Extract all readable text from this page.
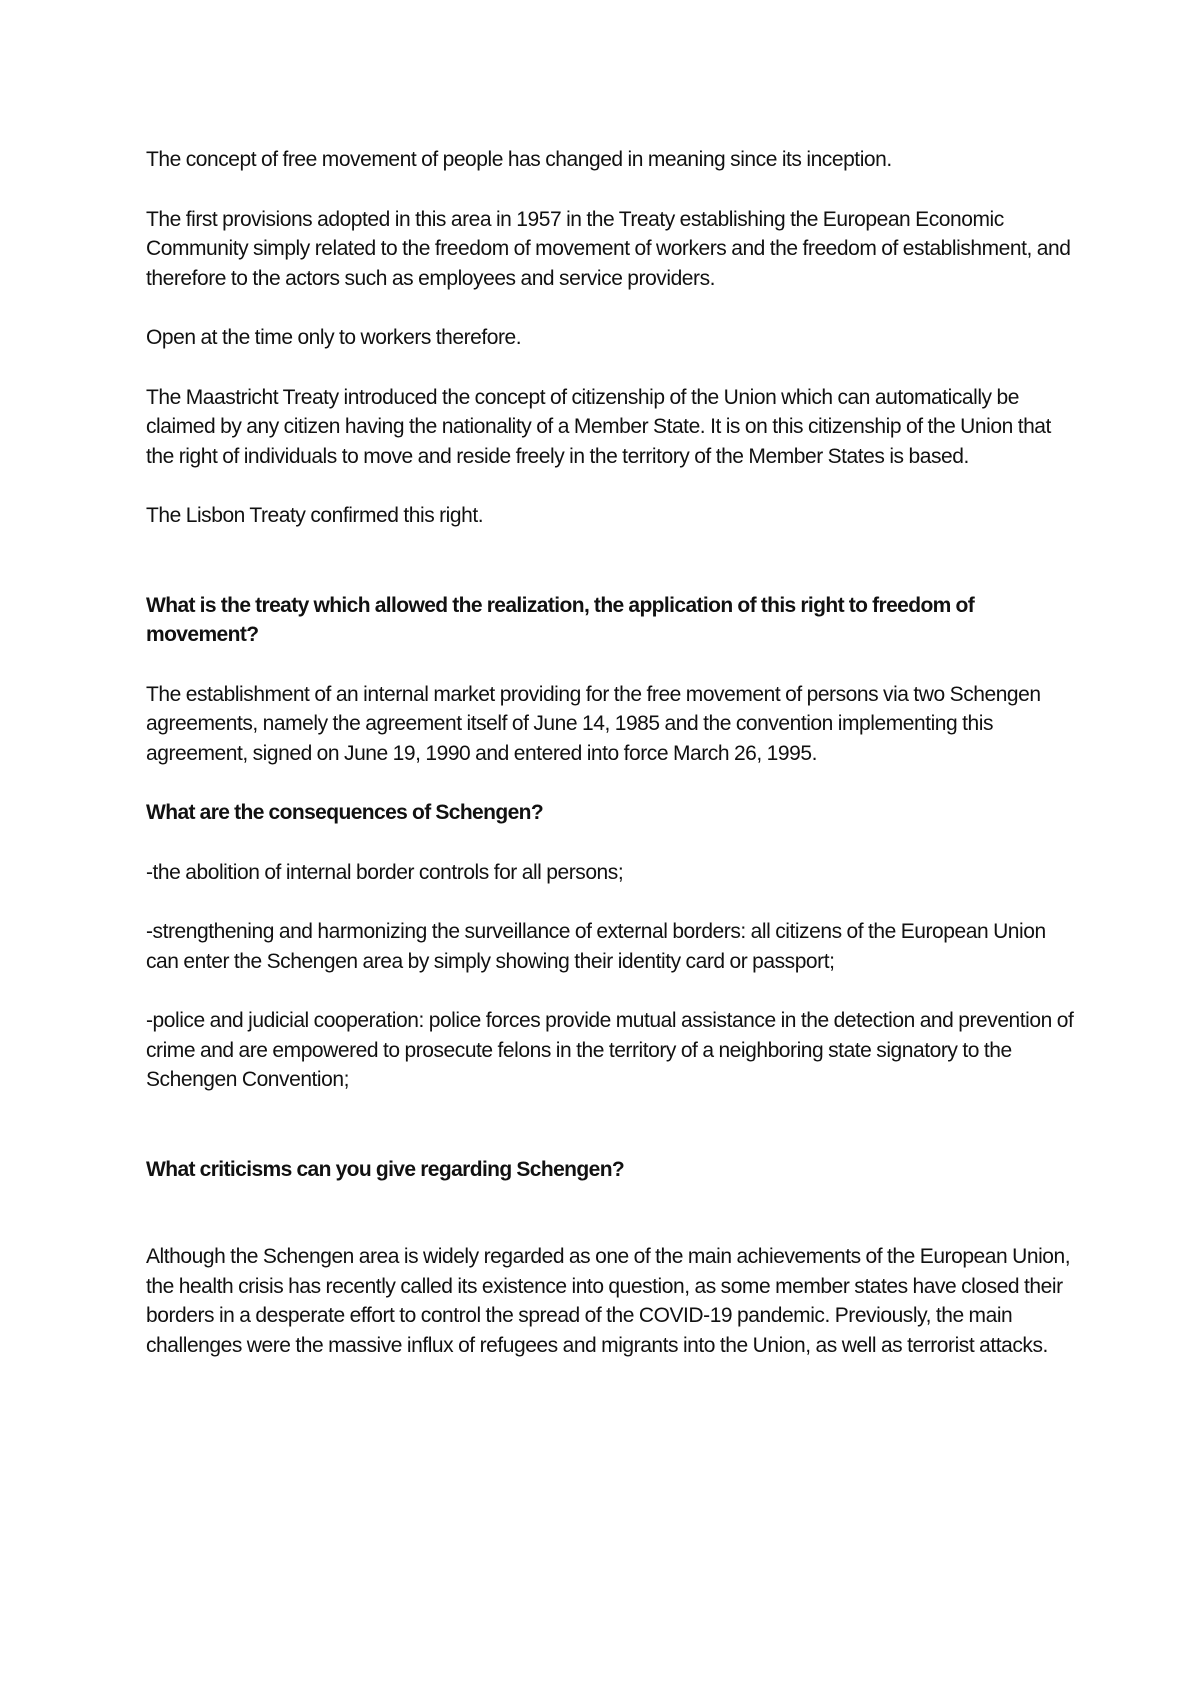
The concept of free movement of people has changed in meaning since its inception.

The first provisions adopted in this area in 1957 in the Treaty establishing the European Economic Community simply related to the freedom of movement of workers and the freedom of establishment, and therefore to the actors such as employees and service providers.

Open at the time only to workers therefore.

The Maastricht Treaty introduced the concept of citizenship of the Union which can automatically be claimed by any citizen having the nationality of a Member State. It is on this citizenship of the Union that the right of individuals to move and reside freely in the territory of the Member States is based.

The Lisbon Treaty confirmed this right.

What is the treaty which allowed the realization, the application of this right to freedom of movement?

The establishment of an internal market providing for the free movement of persons via two Schengen agreements, namely the agreement itself of June 14, 1985 and the convention implementing this agreement, signed on June 19, 1990 and entered into force March 26, 1995.

What are the consequences of Schengen?

-the abolition of internal border controls for all persons;

-strengthening and harmonizing the surveillance of external borders: all citizens of the European Union can enter the Schengen area by simply showing their identity card or passport;

-police and judicial cooperation: police forces provide mutual assistance in the detection and prevention of crime and are empowered to prosecute felons in the territory of a neighboring state signatory to the Schengen Convention;

What criticisms can you give regarding Schengen?

Although the Schengen area is widely regarded as one of the main achievements of the European Union, the health crisis has recently called its existence into question, as some member states have closed their borders in a desperate effort to control the spread of the COVID-19 pandemic. Previously, the main challenges were the massive influx of refugees and migrants into the Union, as well as terrorist attacks.
